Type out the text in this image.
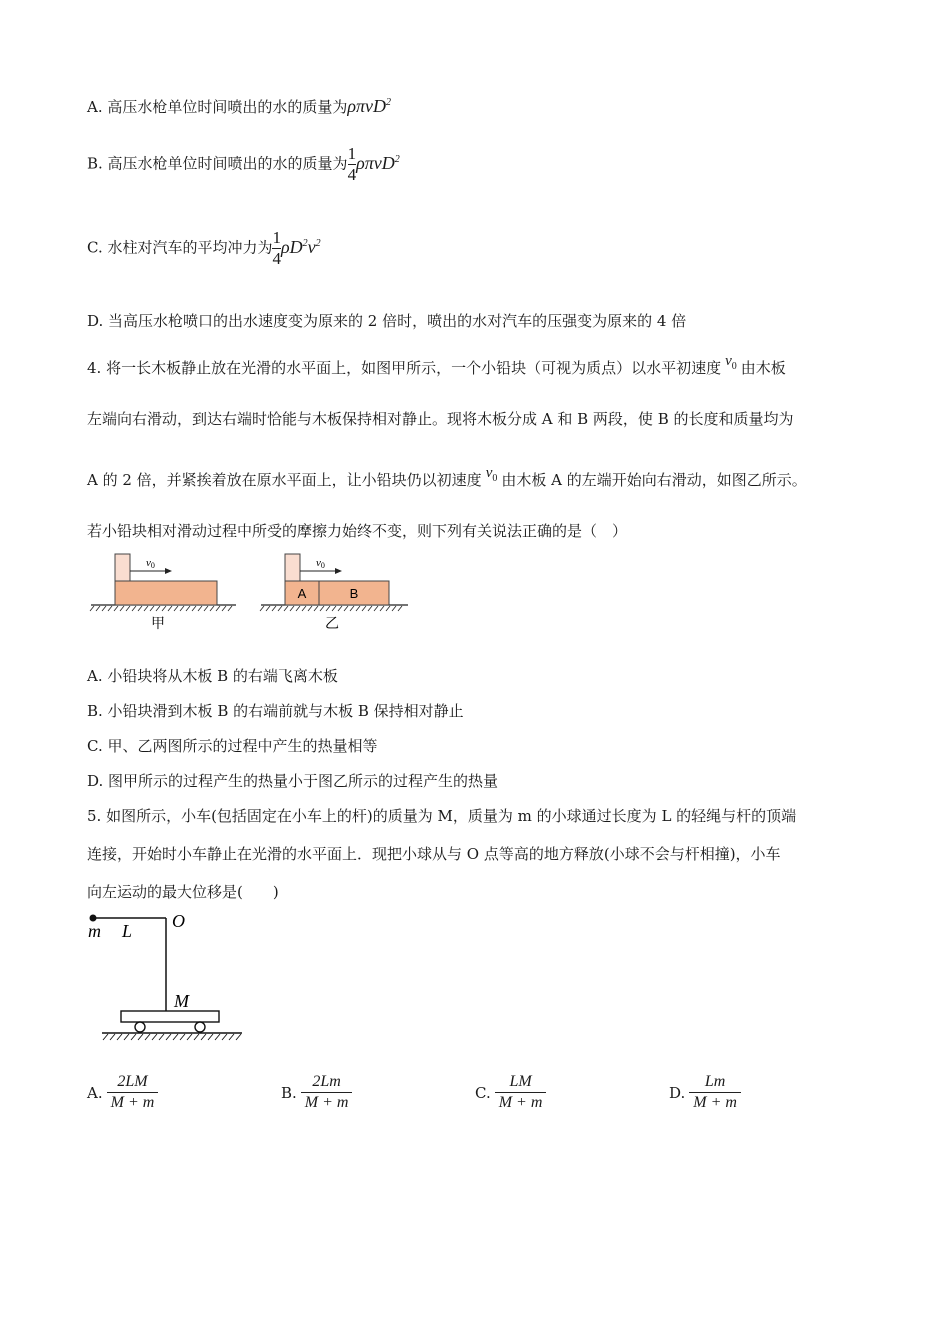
A. 高压水枪单位时间喷出的水的质量为ρπvD$^2$
B. 高压水枪单位时间喷出的水的质量为 $\frac{1}{4} \rho\pi vD^2$
C. 水柱对汽车的平均冲力为 $\frac{1}{4} \rho D^2v^2$
D. 当高压水枪喷口的出水速度变为原来的 2 倍时，喷出的水对汽车的压强变为原来的 4 倍
4. 将一长木板静止放在光滑的水平面上，如图甲所示，一个小铅块（可视为质点）以水平初速度 $v_0$ 由木板
左端向右滑动，到达右端时恰能与木板保持相对静止。现将木板分成 A 和 B 两段，使 B 的长度和质量均为
A 的 2 倍，并紧挨着放在原水平面上，让小铅块仍以初速度 $v_0$ 由木板 A 的左端开始向右滑动，如图乙所示。
若小铅块相对滑动过程中所受的摩擦力始终不变，则下列有关说法正确的是（　）
v0
甲
v0
A	B
乙
A. 小铅块将从木板 B 的右端飞离木板
B. 小铅块滑到木板 B 的右端前就与木板 B 保持相对静止
C. 甲、乙两图所示的过程中产生的热量相等
D. 图甲所示的过程产生的热量小于图乙所示的过程产生的热量
5. 如图所示，小车(包括固定在小车上的杆)的质量为 M，质量为 m 的小球通过长度为 L 的轻绳与杆的顶端
连接，开始时小车静止在光滑的水平面上．现把小球从与 O 点等高的地方释放(小球不会与杆相撞)，小车
向左运动的最大位移是(　　)
m L O
M
A. $\frac{2LM}{M + m}$	B. $\frac{2Lm}{M + m}$	C. $\frac{LM}{M + m}$	D. $\frac{Lm}{M + m}$
